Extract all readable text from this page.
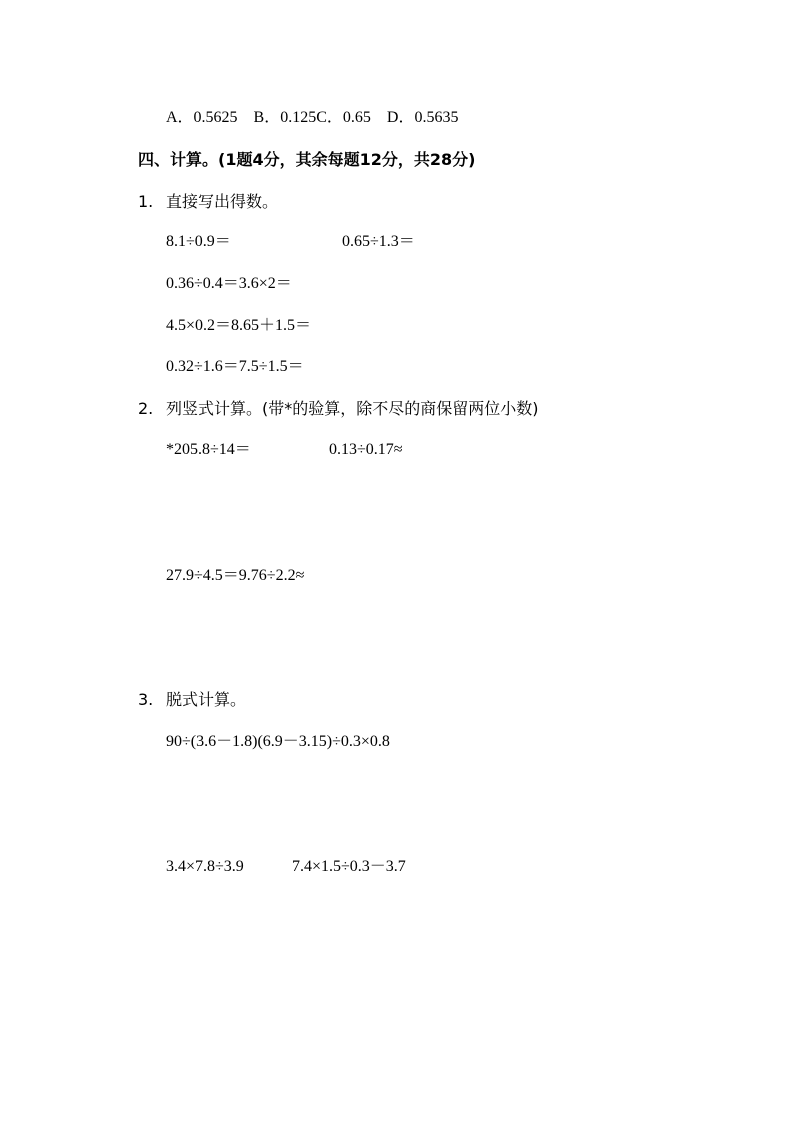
A．0.5625　B．0.125C．0.65　D．0.5635
四、计算。(1题4分，其余每题12分，共28分)
1. 直接写出得数。
8.1÷0.9＝	0.65÷1.3＝
0.36÷0.4＝3.6×2＝
4.5×0.2＝8.65＋1.5＝
0.32÷1.6＝7.5÷1.5＝
2. 列竖式计算。(带*的验算，除不尽的商保留两位小数)
*205.8÷14＝	0.13÷0.17≈
27.9÷4.5＝9.76÷2.2≈
3. 脱式计算。
90÷(3.6－1.8)(6.9－3.15)÷0.3×0.8
3.4×7.8÷3.9	7.4×1.5÷0.3－3.7
